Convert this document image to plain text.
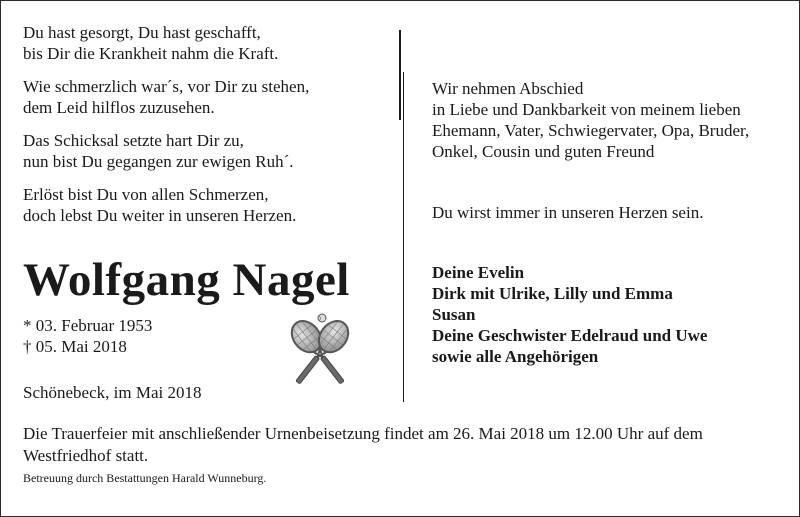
Du hast gesorgt, Du hast geschafft,
bis Dir die Krankheit nahm die Kraft.
Wie schmerzlich war´s, vor Dir zu stehen,
dem Leid hilflos zuzusehen.
Das Schicksal setzte hart Dir zu,
nun bist Du gegangen zur ewigen Ruh´.
Erlöst bist Du von allen Schmerzen,
doch lebst Du weiter in unseren Herzen.
Wolfgang Nagel
* 03. Februar 1953
† 05. Mai 2018
Schönebeck, im Mai 2018
Wir nehmen Abschied
in Liebe und Dankbarkeit von meinem lieben
Ehemann, Vater, Schwiegervater, Opa, Bruder,
Onkel, Cousin und guten Freund
Du wirst immer in unseren Herzen sein.
Deine Evelin
Dirk mit Ulrike, Lilly und Emma
Susan
Deine Geschwister Edelraud und Uwe
sowie alle Angehörigen
Die Trauerfeier mit anschließender Urnenbeisetzung findet am 26. Mai 2018 um 12.00 Uhr auf dem
Westfriedhof statt.
Betreuung durch Bestattungen Harald Wunneburg.
